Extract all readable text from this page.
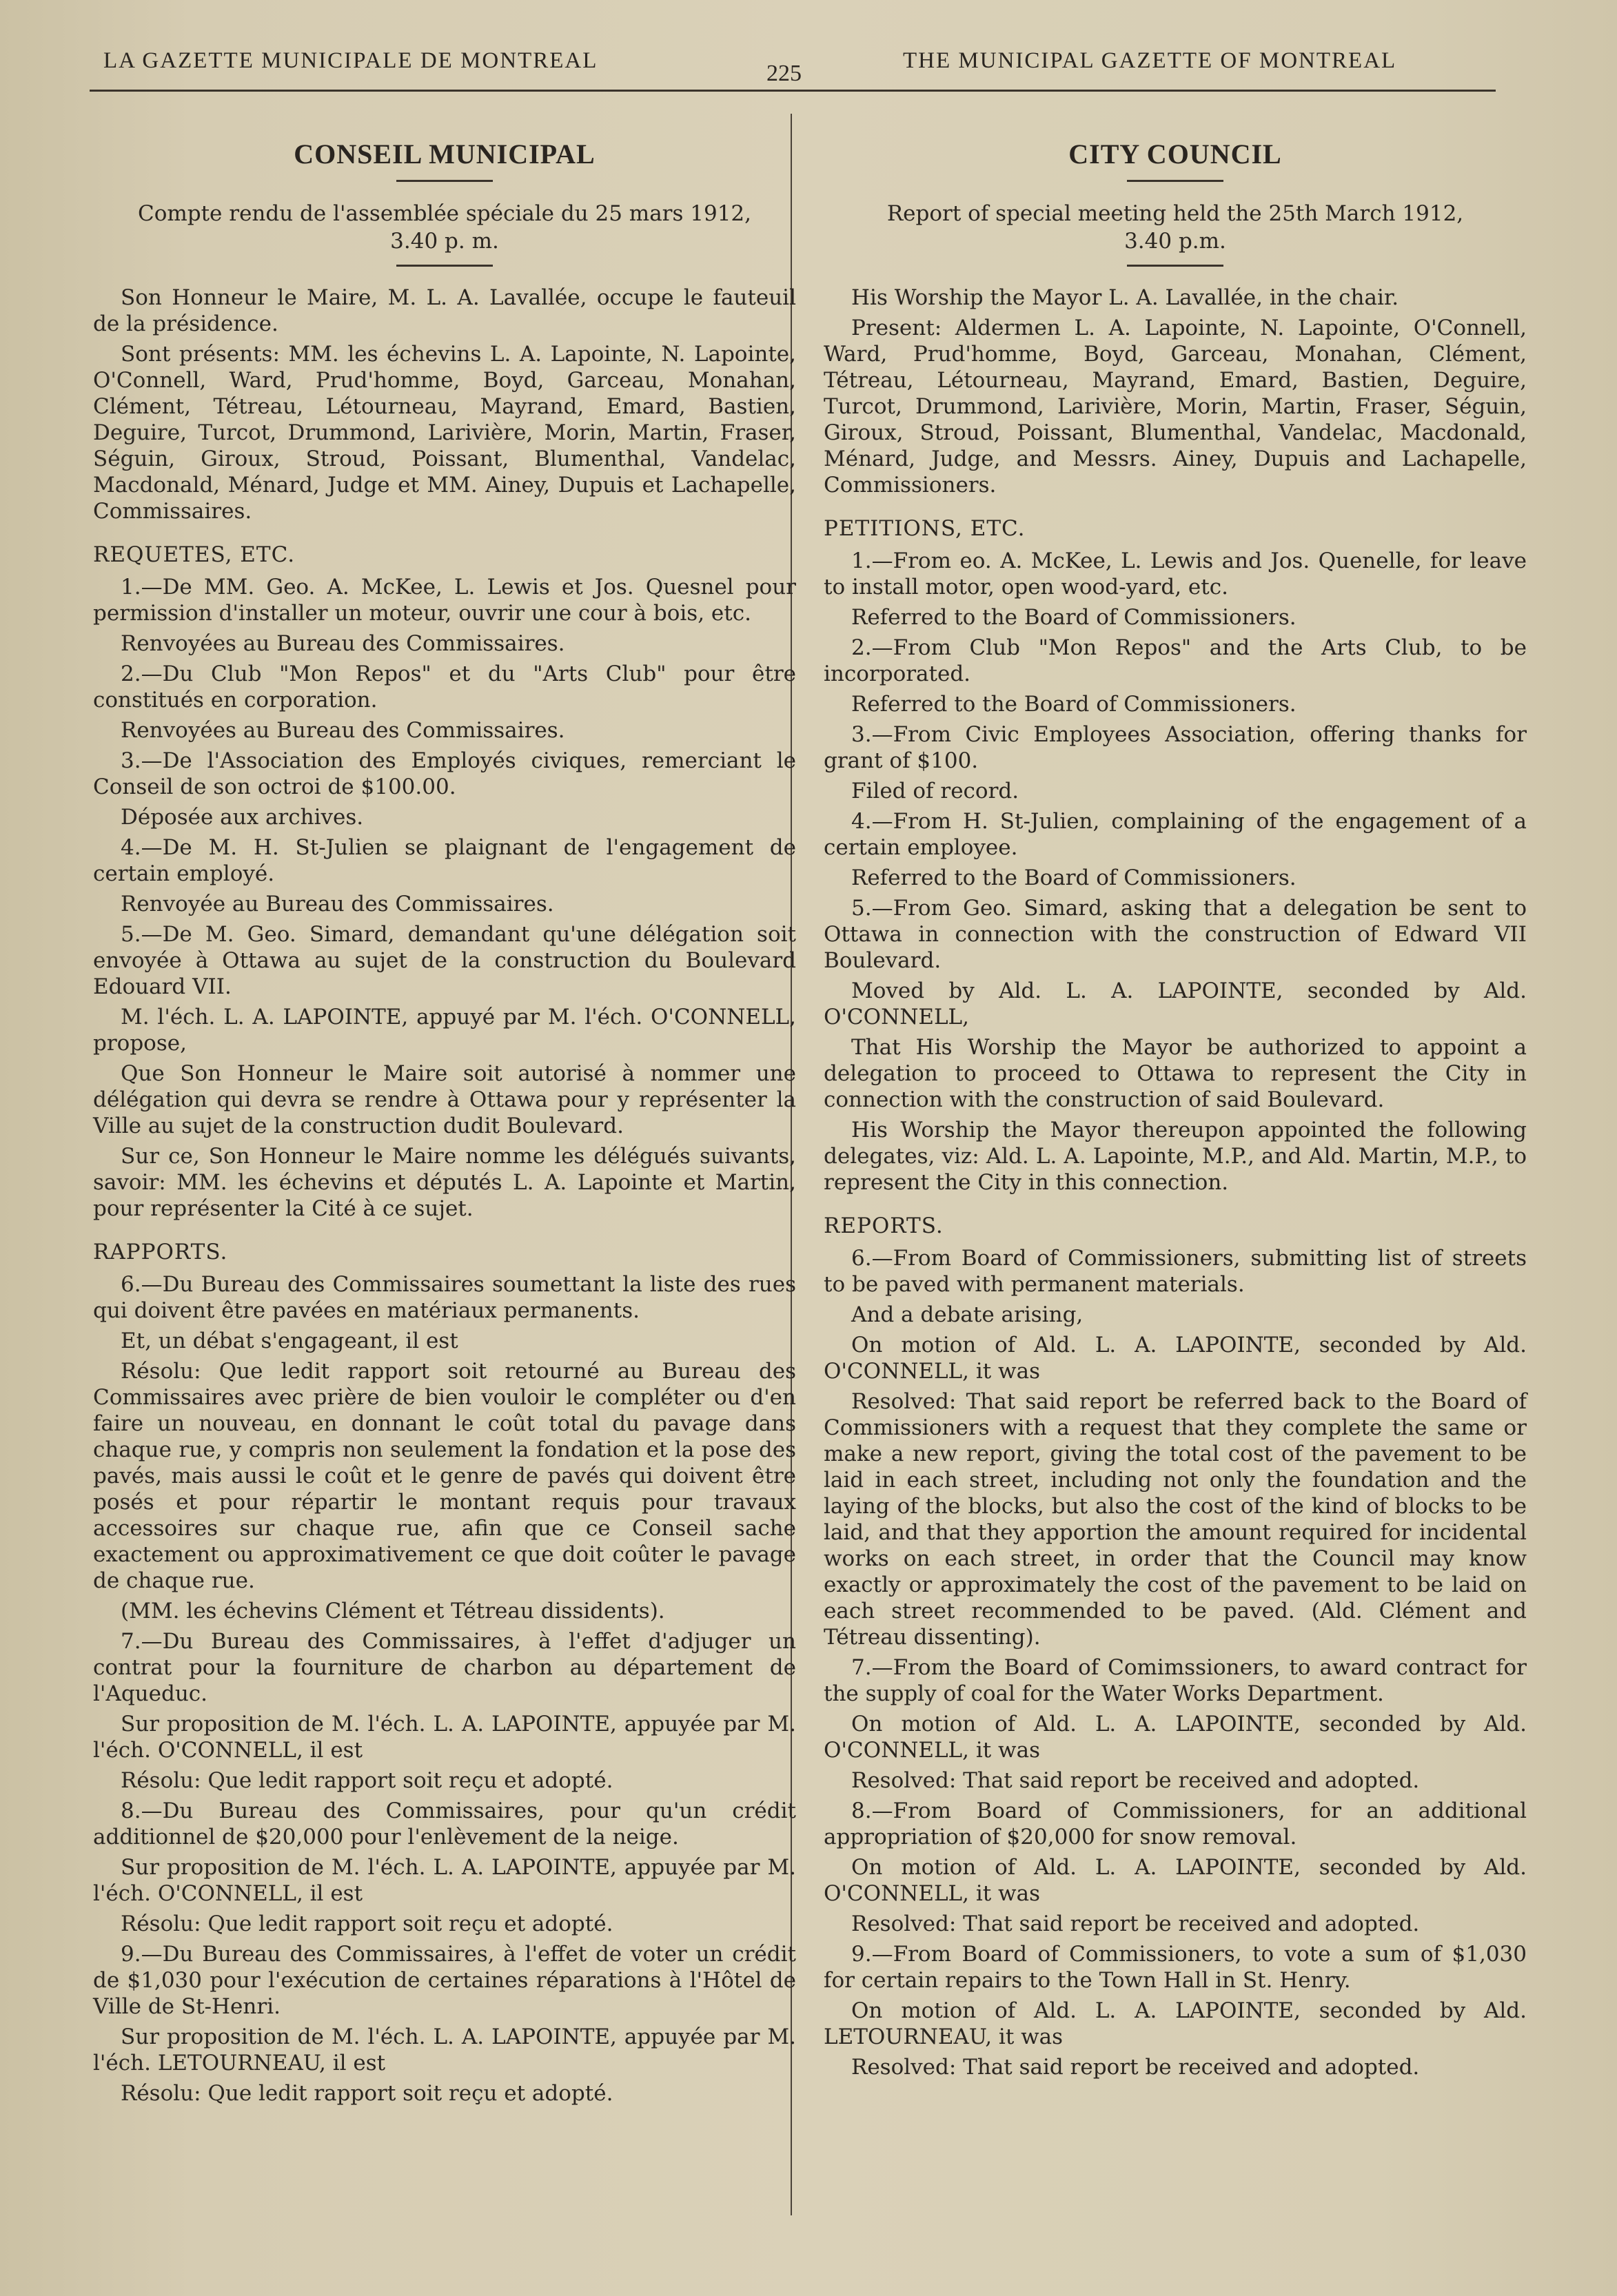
LA GAZETTE MUNICIPALE DE MONTREAL	225	THE MUNICIPAL GAZETTE OF MONTREAL
CONSEIL MUNICIPAL
Compte rendu de l'assemblée spéciale du 25 mars 1912, 3.40 p. m.

Son Honneur le Maire, M. L. A. Lavallée, occupe le fauteuil de la présidence.

Sont présents: MM. les échevins L. A. Lapointe, N. Lapointe, O'Connell, Ward, Prud'homme, Boyd, Garceau, Monahan, Clément, Tétreau, Létourneau, Mayrand, Emard, Bastien, Deguire, Turcot, Drummond, Larivière, Morin, Martin, Fraser, Séguin, Giroux, Stroud, Poissant, Blumenthal, Vandelac, Macdonald, Ménard, Judge et MM. Ainey, Dupuis et Lachapelle, Commissaires.

REQUETES, ETC.

1.—De MM. Geo. A. McKee, L. Lewis et Jos. Quesnel pour permission d'installer un moteur, ouvrir une cour à bois, etc.

Renvoyées au Bureau des Commissaires.

2.—Du Club "Mon Repos" et du "Arts Club" pour être constitués en corporation.

Renvoyées au Bureau des Commissaires.

3.—De l'Association des Employés civiques, remerciant le Conseil de son octroi de $100.00.

Déposée aux archives.

4.—De M. H. St-Julien se plaignant de l'engagement de certain employé.

Renvoyée au Bureau des Commissaires.

5.—De M. Geo. Simard, demandant qu'une délégation soit envoyée à Ottawa au sujet de la construction du Boulevard Edouard VII.

M. l'éch. L. A. LAPOINTE, appuyé par M. l'éch. O'CONNELL, propose,

Que Son Honneur le Maire soit autorisé à nommer une délégation qui devra se rendre à Ottawa pour y représenter la Ville au sujet de la construction dudit Boulevard.

Sur ce, Son Honneur le Maire nomme les délégués suivants, savoir: MM. les échevins et députés L. A. Lapointe et Martin, pour représenter la Cité à ce sujet.

RAPPORTS.

6.—Du Bureau des Commissaires soumettant la liste des rues qui doivent être pavées en matériaux permanents.

Et, un débat s'engageant, il est

Résolu: Que ledit rapport soit retourné au Bureau des Commissaires avec prière de bien vouloir le compléter ou d'en faire un nouveau, en donnant le coût total du pavage dans chaque rue, y compris non seulement la fondation et la pose des pavés, mais aussi le coût et le genre de pavés qui doivent être posés et pour répartir le montant requis pour travaux accessoires sur chaque rue, afin que ce Conseil sache exactement ou approximativement ce que doit coûter le pavage de chaque rue.

(MM. les échevins Clément et Tétreau dissidents).

7.—Du Bureau des Commissaires, à l'effet d'adjuger un contrat pour la fourniture de charbon au département de l'Aqueduc.

Sur proposition de M. l'éch. L. A. LAPOINTE, appuyée par M. l'éch. O'CONNELL, il est

Résolu: Que ledit rapport soit reçu et adopté.

8.—Du Bureau des Commissaires, pour qu'un crédit additionnel de $20,000 pour l'enlèvement de la neige.

Sur proposition de M. l'éch. L. A. LAPOINTE, appuyée par M. l'éch. O'CONNELL, il est

Résolu: Que ledit rapport soit reçu et adopté.

9.—Du Bureau des Commissaires, à l'effet de voter un crédit de $1,030 pour l'exécution de certaines réparations à l'Hôtel de Ville de St-Henri.

Sur proposition de M. l'éch. L. A. LAPOINTE, appuyée par M. l'éch. LETOURNEAU, il est

Résolu: Que ledit rapport soit reçu et adopté.

CITY COUNCIL
Report of special meeting held the 25th March 1912, 3.40 p.m.

His Worship the Mayor L. A. Lavallée, in the chair.

Present: Aldermen L. A. Lapointe, N. Lapointe, O'Connell, Ward, Prud'homme, Boyd, Garceau, Monahan, Clément, Tétreau, Létourneau, Mayrand, Emard, Bastien, Deguire, Turcot, Drummond, Larivière, Morin, Martin, Fraser, Séguin, Giroux, Stroud, Poissant, Blumenthal, Vandelac, Macdonald, Ménard, Judge, and Messrs. Ainey, Dupuis and Lachapelle, Commissioners.

PETITIONS, ETC.

1.—From eo. A. McKee, L. Lewis and Jos. Quenelle, for leave to install motor, open wood-yard, etc.

Referred to the Board of Commissioners.

2.—From Club "Mon Repos" and the Arts Club, to be incorporated.

Referred to the Board of Commissioners.

3.—From Civic Employees Association, offering thanks for grant of $100.

Filed of record.

4.—From H. St-Julien, complaining of the engagement of a certain employee.

Referred to the Board of Commissioners.

5.—From Geo. Simard, asking that a delegation be sent to Ottawa in connection with the construction of Edward VII Boulevard.

Moved by Ald. L. A. LAPOINTE, seconded by Ald. O'CONNELL,

That His Worship the Mayor be authorized to appoint a delegation to proceed to Ottawa to represent the City in connection with the construction of said Boulevard.

His Worship the Mayor thereupon appointed the following delegates, viz: Ald. L. A. Lapointe, M.P., and Ald. Martin, M.P., to represent the City in this connection.

REPORTS.

6.—From Board of Commissioners, submitting list of streets to be paved with permanent materials.

And a debate arising,

On motion of Ald. L. A. LAPOINTE, seconded by Ald. O'CONNELL, it was

Resolved: That said report be referred back to the Board of Commissioners with a request that they complete the same or make a new report, giving the total cost of the pavement to be laid in each street, including not only the foundation and the laying of the blocks, but also the cost of the kind of blocks to be laid, and that they apportion the amount required for incidental works on each street, in order that the Council may know exactly or approximately the cost of the pavement to be laid on each street recommended to be paved. (Ald. Clément and Tétreau dissenting).

7.—From the Board of Comimssioners, to award contract for the supply of coal for the Water Works Department.

On motion of Ald. L. A. LAPOINTE, seconded by Ald. O'CONNELL, it was

Resolved: That said report be received and adopted.

8.—From Board of Commissioners, for an additional appropriation of $20,000 for snow removal.

On motion of Ald. L. A. LAPOINTE, seconded by Ald. O'CONNELL, it was

Resolved: That said report be received and adopted.

9.—From Board of Commissioners, to vote a sum of $1,030 for certain repairs to the Town Hall in St. Henry.

On motion of Ald. L. A. LAPOINTE, seconded by Ald. LETOURNEAU, it was

Resolved: That said report be received and adopted.
